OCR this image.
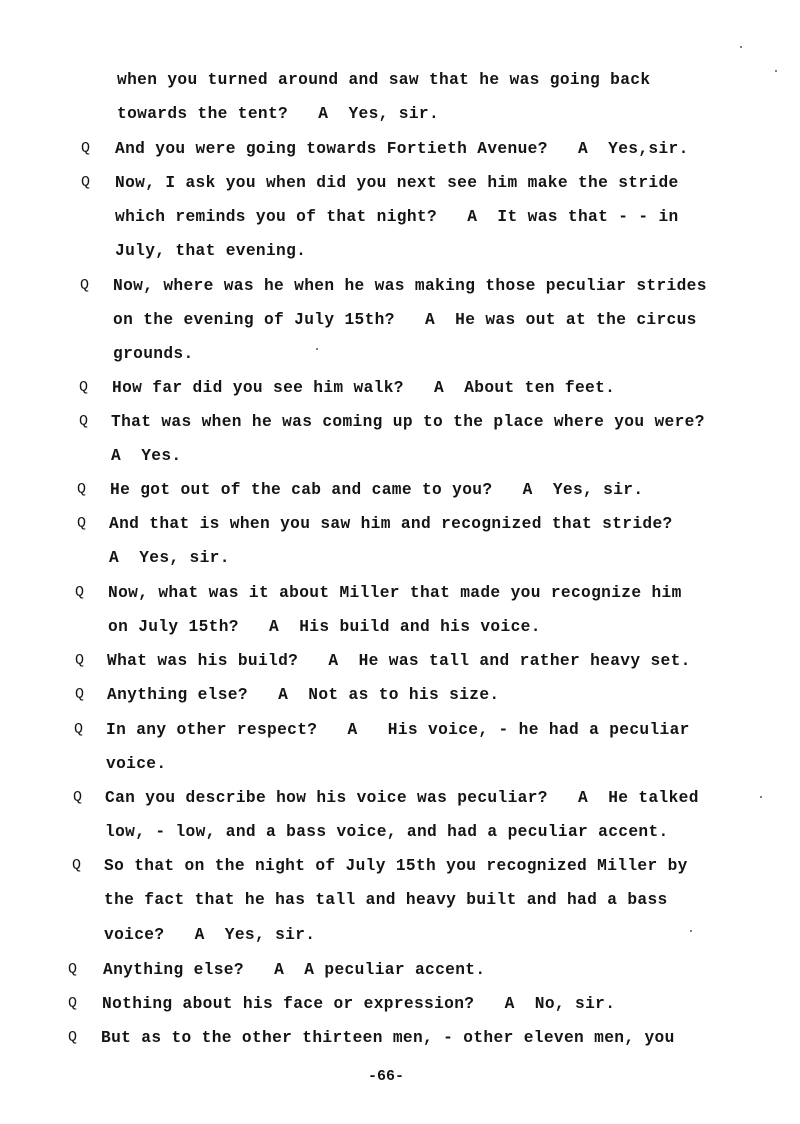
when you turned around and saw that he was going back
towards the tent?   A  Yes, sir.
Q And you were going towards Fortieth Avenue?   A  Yes,sir.
Q Now, I ask you when did you next see him make the stride
which reminds you of that night?   A  It was that - - in
July, that evening.
Q Now, where was he when he was making those peculiar strides
on the evening of July 15th?   A  He was out at the circus
grounds.
Q How far did you see him walk?   A  About ten feet.
Q That was when he was coming up to the place where you were?
A  Yes.
Q He got out of the cab and came to you?   A  Yes, sir.
Q And that is when you saw him and recognized that stride?
A  Yes, sir.
Q Now, what was it about Miller that made you recognize him
on July 15th?   A  His build and his voice.
Q What was his build?   A  He was tall and rather heavy set.
Q Anything else?   A  Not as to his size.
Q In any other respect?   A   His voice, - he had a peculiar
voice.
Q Can you describe how his voice was peculiar?   A  He talked
low, - low, and a bass voice, and had a peculiar accent.
Q So that on the night of July 15th you recognized Miller by
the fact that he has tall and heavy built and had a bass
voice?   A  Yes, sir.
Q Anything else?   A  A peculiar accent.
Q Nothing about his face or expression?   A  No, sir.
Q But as to the other thirteen men, - other eleven men, you
-66-
